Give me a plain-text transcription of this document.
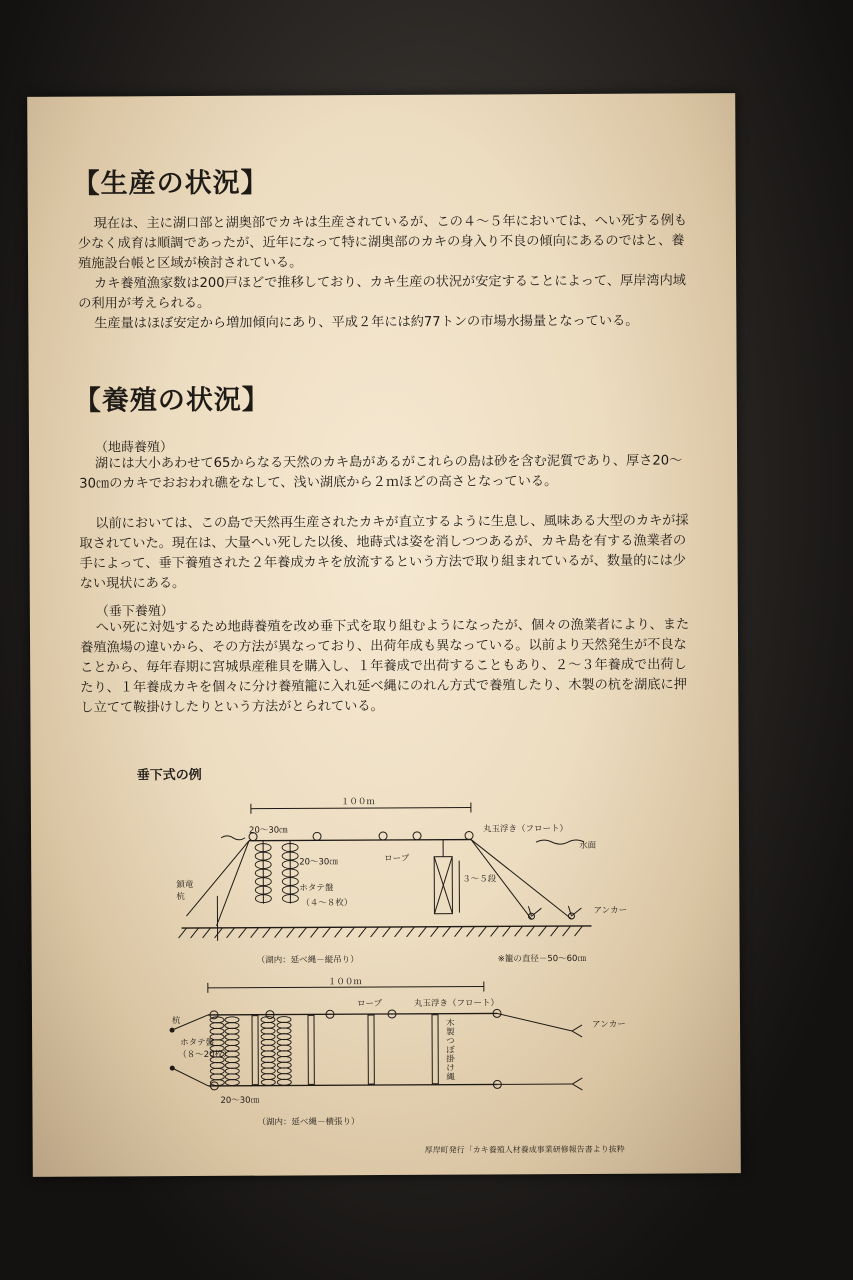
【生産の状況】

現在は、主に湖口部と湖奥部でカキは生産されているが、この４～５年においては、へい死する例も少なく成育は順調であったが、近年になって特に湖奥部のカキの身入り不良の傾向にあるのではと、養殖施設台帳と区域が検討されている。

カキ養殖漁家数は200戸ほどで推移しており、カキ生産の状況が安定することによって、厚岸湾内域の利用が考えられる。

生産量はほぼ安定から増加傾向にあり、平成２年には約77トンの市場水揚量となっている。

【養殖の状況】
（地蒔養殖）

湖には大小あわせて65からなる天然のカキ島があるがこれらの島は砂を含む泥質であり、厚さ20～30㎝のカキでおおわれ礁をなして、浅い湖底から２ｍほどの高さとなっている。

以前においては、この島で天然再生産されたカキが直立するように生息し、風味ある大型のカキが採取されていた。現在は、大量へい死した以後、地蒔式は姿を消しつつあるが、カキ島を有する漁業者の手によって、垂下養殖された２年養成カキを放流するという方法で取り組まれているが、数量的には少ない現状にある。

（垂下養殖）

へい死に対処するため地蒔養殖を改め垂下式を取り組むようになったが、個々の漁業者により、また養殖漁場の違いから、その方法が異なっており、出荷年成も異なっている。以前より天然発生が不良なことから、毎年春期に宮城県産稚貝を購入し、１年養成で出荷することもあり、２～３年養成で出荷したり、１年養成カキを個々に分け養殖籠に入れ延べ縄にのれん方式で養殖したり、木製の杭を湖底に押し立てて鞍掛けしたりという方法がとられている。

垂下式の例
（湖内：延べ縄－縦吊り）	※籠の直径－50～60㎝
１００ｍ
20～30㎝
20～30㎝	ロープ
丸玉浮き（フロート）
水面
鎖竜杭
ホタテ盤
（４～８枚）
３～５段
アンカー
１００ｍ
ロープ	丸玉浮き（フロート）
杭
ホタテ盤
（８～20枚）
20～30㎝
アンカー
木製つぼ掛け縄
（湖内：延べ縄－横張り）
厚岸町発行「カキ養殖人材養成事業研修報告書より抜粋
